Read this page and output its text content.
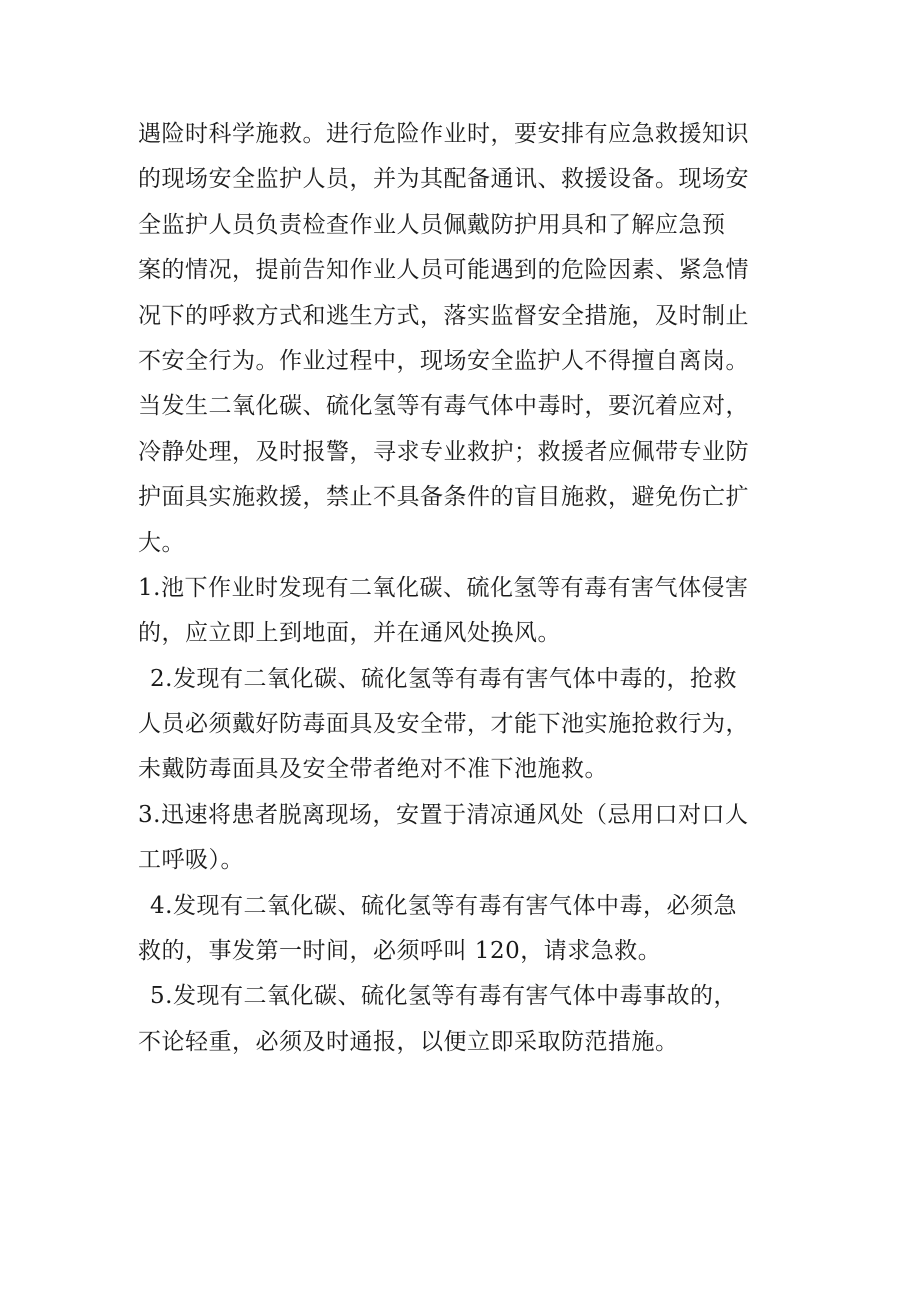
遇险时科学施救。进行危险作业时，要安排有应急救援知识
的现场安全监护人员，并为其配备通讯、救援设备。现场安
全监护人员负责检查作业人员佩戴防护用具和了解应急预
案的情况，提前告知作业人员可能遇到的危险因素、紧急情
况下的呼救方式和逃生方式，落实监督安全措施，及时制止
不安全行为。作业过程中，现场安全监护人不得擅自离岗。
当发生二氧化碳、硫化氢等有毒气体中毒时，要沉着应对，
冷静处理，及时报警，寻求专业救护；救援者应佩带专业防
护面具实施救援，禁止不具备条件的盲目施救，避免伤亡扩
大。
1.池下作业时发现有二氧化碳、硫化氢等有毒有害气体侵害
的，应立即上到地面，并在通风处换风。
2.发现有二氧化碳、硫化氢等有毒有害气体中毒的，抢救
人员必须戴好防毒面具及安全带，才能下池实施抢救行为，
未戴防毒面具及安全带者绝对不准下池施救。
3.迅速将患者脱离现场，安置于清凉通风处（忌用口对口人
工呼吸）。
4.发现有二氧化碳、硫化氢等有毒有害气体中毒，必须急
救的，事发第一时间，必须呼叫 120，请求急救。
5.发现有二氧化碳、硫化氢等有毒有害气体中毒事故的，
不论轻重，必须及时通报，以便立即采取防范措施。
